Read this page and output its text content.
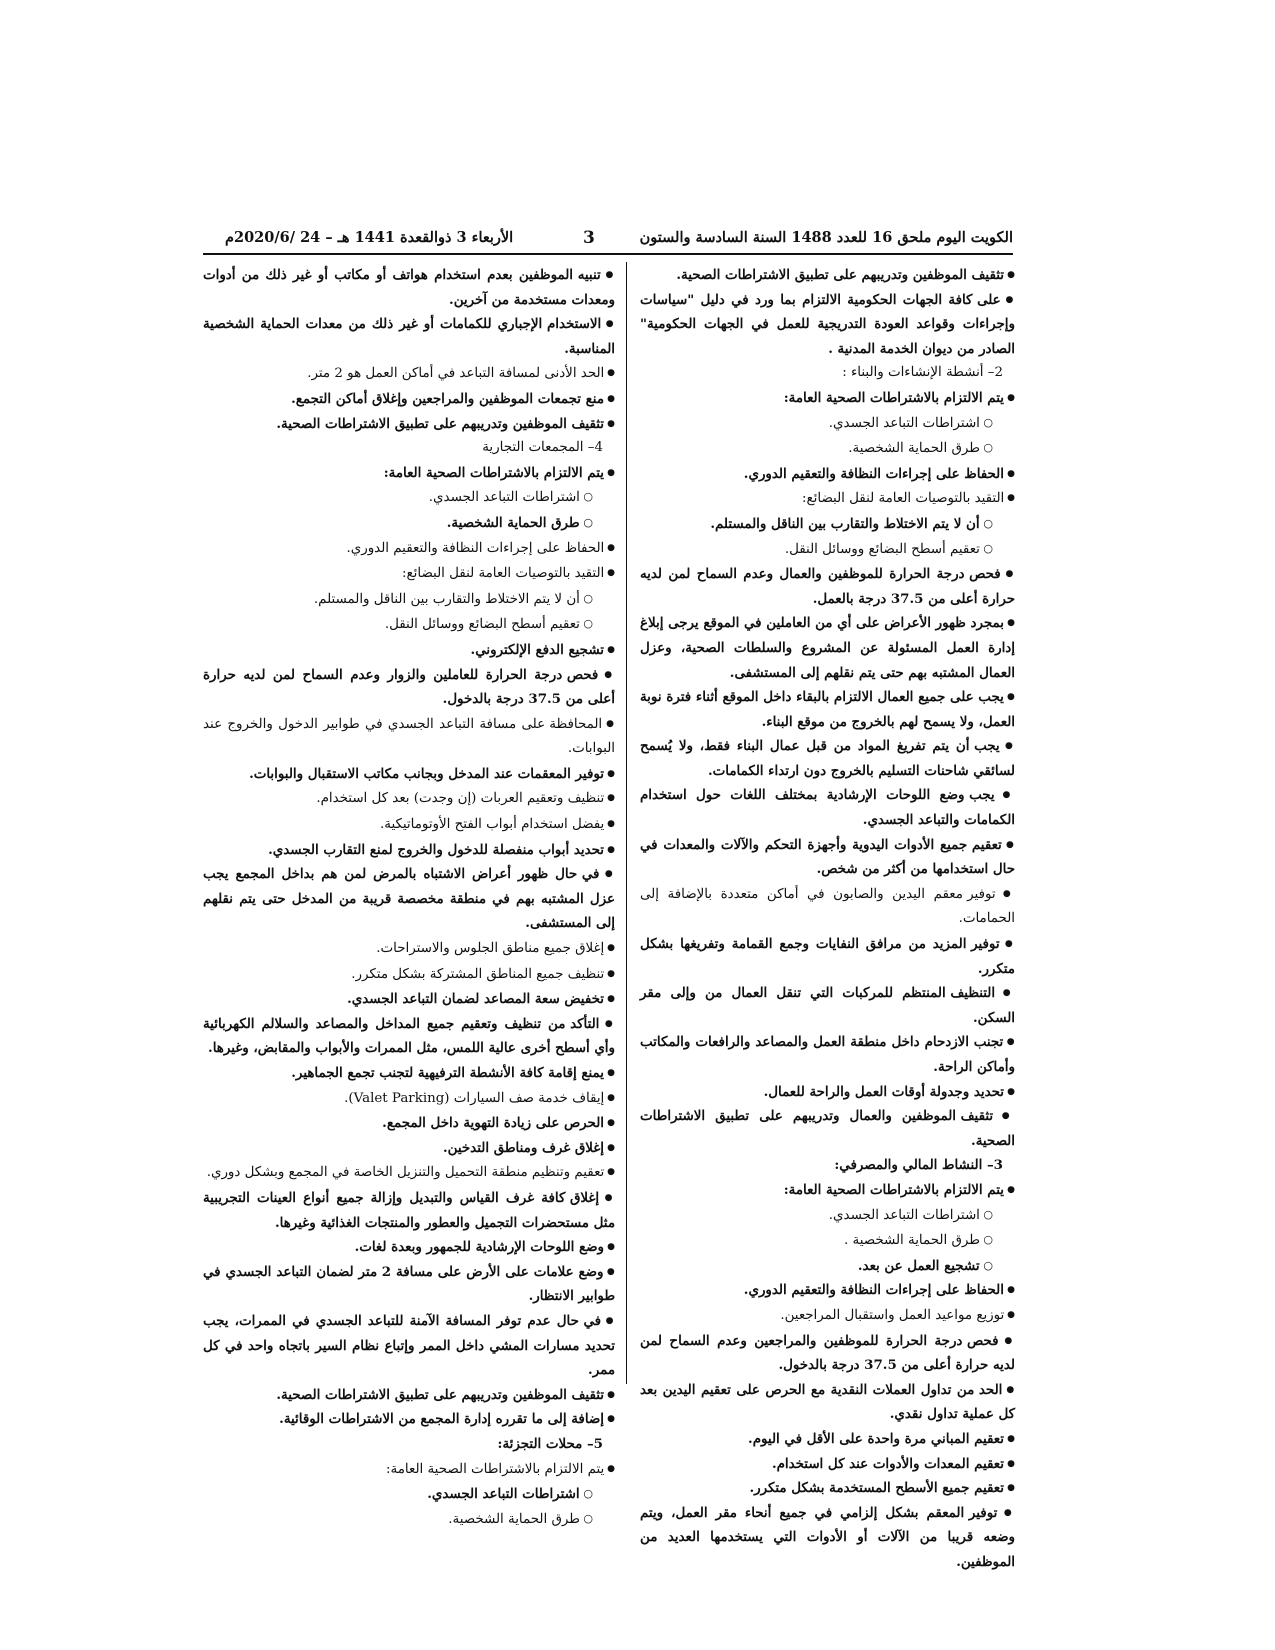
الكويت اليوم ملحق 16 للعدد 1488 السنة السادسة والستون
3
الأربعاء 3 ذوالقعدة 1441 هـ – 24 /2020/6م

● تثقيف الموظفين وتدريبهم على تطبيق الاشتراطات الصحية.

● على كافة الجهات الحكومية الالتزام بما ورد في دليل "سياسات وإجراءات وقواعد العودة التدريجية للعمل في الجهات الحكومية" الصادر من ديوان الخدمة المدنية .

2– أنشطة الإنشاءات والبناء :

● يتم الالتزام بالاشتراطات الصحية العامة:

○ اشتراطات التباعد الجسدي.

○ طرق الحماية الشخصية.

● الحفاظ على إجراءات النظافة والتعقيم الدوري.

● التقيد بالتوصيات العامة لنقل البضائع:

○ أن لا يتم الاختلاط والتقارب بين الناقل والمستلم.

○ تعقيم أسطح البضائع ووسائل النقل.

● فحص درجة الحرارة للموظفين والعمال وعدم السماح لمن لديه حرارة أعلى من 37.5 درجة بالعمل.

● بمجرد ظهور الأعراض على أي من العاملين في الموقع يرجى إبلاغ إدارة العمل المسئولة عن المشروع والسلطات الصحية، وعزل العمال المشتبه بهم حتى يتم نقلهم إلى المستشفى.

● يجب على جميع العمال الالتزام بالبقاء داخل الموقع أثناء فترة نوبة العمل، ولا يسمح لهم بالخروج من موقع البناء.

● يجب أن يتم تفريغ المواد من قبل عمال البناء فقط، ولا يُسمح لسائقي شاحنات التسليم بالخروج دون ارتداء الكمامات.

● يجب وضع اللوحات الإرشادية بمختلف اللغات حول استخدام الكمامات والتباعد الجسدي.

● تعقيم جميع الأدوات اليدوية وأجهزة التحكم والآلات والمعدات في حال استخدامها من أكثر من شخص.

● توفير معقم اليدين والصابون في أماكن متعددة بالإضافة إلى الحمامات.

● توفير المزيد من مرافق النفايات وجمع القمامة وتفريغها بشكل متكرر.

● التنظيف المنتظم للمركبات التي تنقل العمال من وإلى مقر السكن.

● تجنب الازدحام داخل منطقة العمل والمصاعد والرافعات والمكاتب وأماكن الراحة.

● تحديد وجدولة أوقات العمل والراحة للعمال.

● تثقيف الموظفين والعمال وتدريبهم على تطبيق الاشتراطات الصحية.

3– النشاط المالي والمصرفي:

● يتم الالتزام بالاشتراطات الصحية العامة:

○ اشتراطات التباعد الجسدي.

○ طرق الحماية الشخصية .

○ تشجيع العمل عن بعد.

● الحفاظ على إجراءات النظافة والتعقيم الدوري.

● توزيع مواعيد العمل واستقبال المراجعين.

● فحص درجة الحرارة للموظفين والمراجعين وعدم السماح لمن لديه حرارة أعلى من 37.5 درجة بالدخول.

● الحد من تداول العملات النقدية مع الحرص على تعقيم اليدين بعد كل عملية تداول نقدي.

● تعقيم المباني مرة واحدة على الأقل في اليوم.

● تعقيم المعدات والأدوات عند كل استخدام.

● تعقيم جميع الأسطح المستخدمة بشكل متكرر.

● توفير المعقم بشكل إلزامي في جميع أنحاء مقر العمل، ويتم وضعه قريبا من الآلات أو الأدوات التي يستخدمها العديد من الموظفين.

● تنبيه الموظفين بعدم استخدام هواتف أو مكاتب أو غير ذلك من أدوات ومعدات مستخدمة من آخرين.

● الاستخدام الإجباري للكمامات أو غير ذلك من معدات الحماية الشخصية المناسبة.

● الحد الأدنى لمسافة التباعد في أماكن العمل هو 2 متر.

● منع تجمعات الموظفين والمراجعين وإغلاق أماكن التجمع.

● تثقيف الموظفين وتدريبهم على تطبيق الاشتراطات الصحية.

4– المجمعات التجارية

● يتم الالتزام بالاشتراطات الصحية العامة:

○ اشتراطات التباعد الجسدي.

○ طرق الحماية الشخصية.

● الحفاظ على إجراءات النظافة والتعقيم الدوري.

● التقيد بالتوصيات العامة لنقل البضائع:

○ أن لا يتم الاختلاط والتقارب بين الناقل والمستلم.

○ تعقيم أسطح البضائع ووسائل النقل.

● تشجيع الدفع الإلكتروني.

● فحص درجة الحرارة للعاملين والزوار وعدم السماح لمن لديه حرارة أعلى من 37.5 درجة بالدخول.

● المحافظة على مسافة التباعد الجسدي في طوابير الدخول والخروج عند البوابات.

● توفير المعقمات عند المدخل وبجانب مكاتب الاستقبال والبوابات.

● تنظيف وتعقيم العربات (إن وجدت) بعد كل استخدام.

● يفضل استخدام أبواب الفتح الأوتوماتيكية.

● تحديد أبواب منفصلة للدخول والخروج لمنع التقارب الجسدي.

● في حال ظهور أعراض الاشتباه بالمرض لمن هم بداخل المجمع يجب عزل المشتبه بهم في منطقة مخصصة قريبة من المدخل حتى يتم نقلهم إلى المستشفى.

● إغلاق جميع مناطق الجلوس والاستراحات.

● تنظيف جميع المناطق المشتركة بشكل متكرر.

● تخفيض سعة المصاعد لضمان التباعد الجسدي.

● التأكد من تنظيف وتعقيم جميع المداخل والمصاعد والسلالم الكهربائية وأي أسطح أخرى عالية اللمس، مثل الممرات والأبواب والمقابض، وغيرها.

● يمنع إقامة كافة الأنشطة الترفيهية لتجنب تجمع الجماهير.

● إيقاف خدمة صف السيارات (Valet Parking).

● الحرص على زيادة التهوية داخل المجمع.

● إغلاق غرف ومناطق التدخين.

● تعقيم وتنظيم منطقة التحميل والتنزيل الخاصة في المجمع وبشكل دوري.

● إغلاق كافة غرف القياس والتبديل وإزالة جميع أنواع العينات التجريبية مثل مستحضرات التجميل والعطور والمنتجات الغذائية وغيرها.

● وضع اللوحات الإرشادية للجمهور وبعدة لغات.

● وضع علامات على الأرض على مسافة 2 متر لضمان التباعد الجسدي في طوابير الانتظار.

● في حال عدم توفر المسافة الآمنة للتباعد الجسدي في الممرات، يجب تحديد مسارات المشي داخل الممر وإتباع نظام السير باتجاه واحد في كل ممر.

● تثقيف الموظفين وتدريبهم على تطبيق الاشتراطات الصحية.

● إضافة إلى ما تقرره إدارة المجمع من الاشتراطات الوقائية.

5– محلات التجزئة:

● يتم الالتزام بالاشتراطات الصحية العامة:

○ اشتراطات التباعد الجسدي.

○ طرق الحماية الشخصية.
